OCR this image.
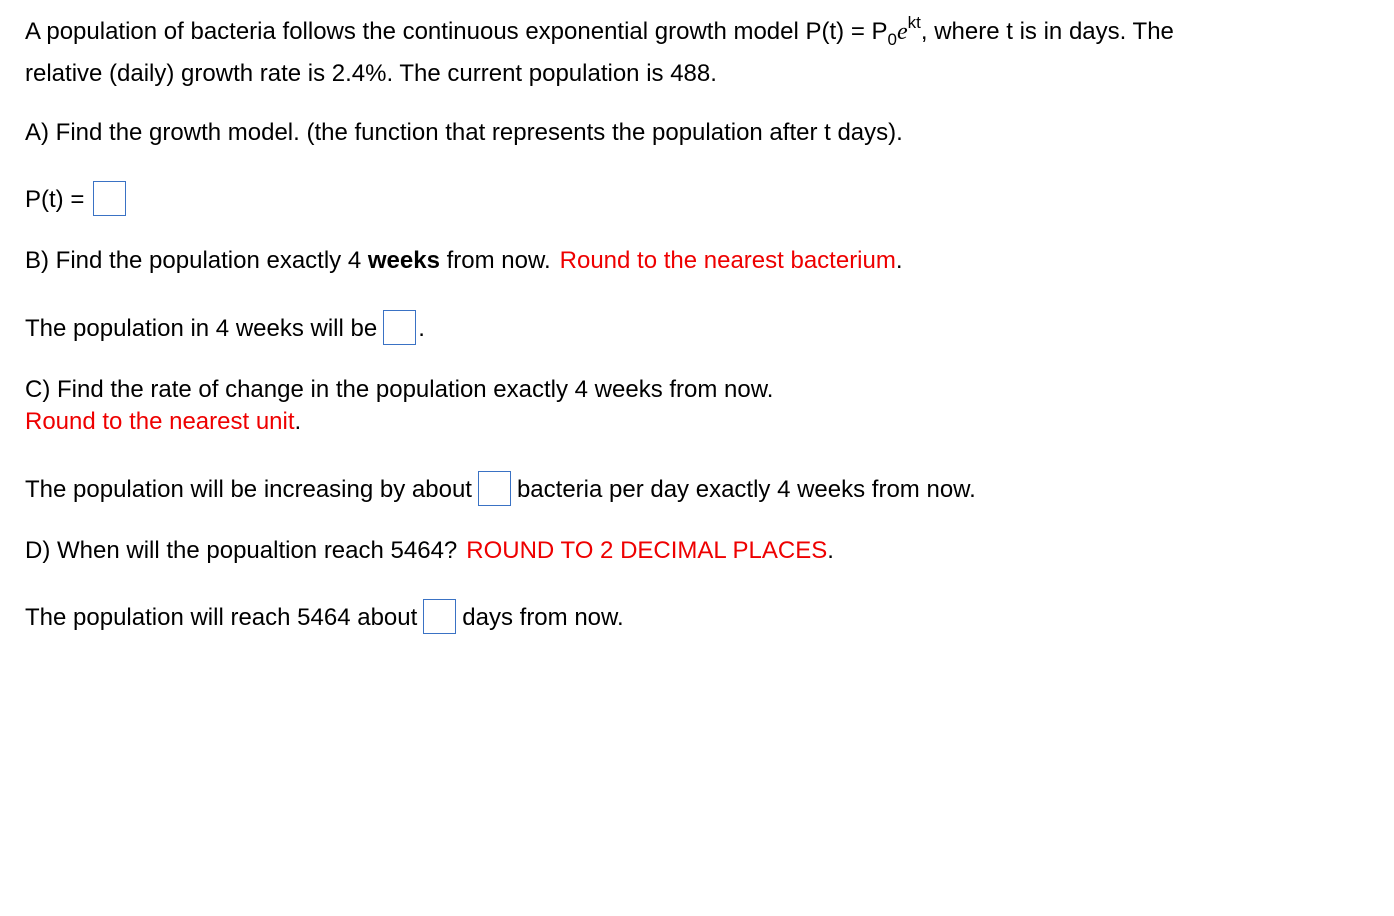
A population of bacteria follows the continuous exponential growth model $P(t) = P_0e^{kt}$, where t is in days. The
relative (daily) growth rate is 2.4%. The current population is 488.
A) Find the growth model. (the function that represents the population after t days).
P(t) =
B) Find the population exactly 4 weeks from now. Round to the nearest bacterium.
The population in 4 weeks will be .
C) Find the rate of change in the population exactly 4 weeks from now.
Round to the nearest unit.
The population will be increasing by about bacteria per day exactly 4 weeks from now.
D) When will the popualtion reach 5464? ROUND TO 2 DECIMAL PLACES.
The population will reach 5464 about days from now.
